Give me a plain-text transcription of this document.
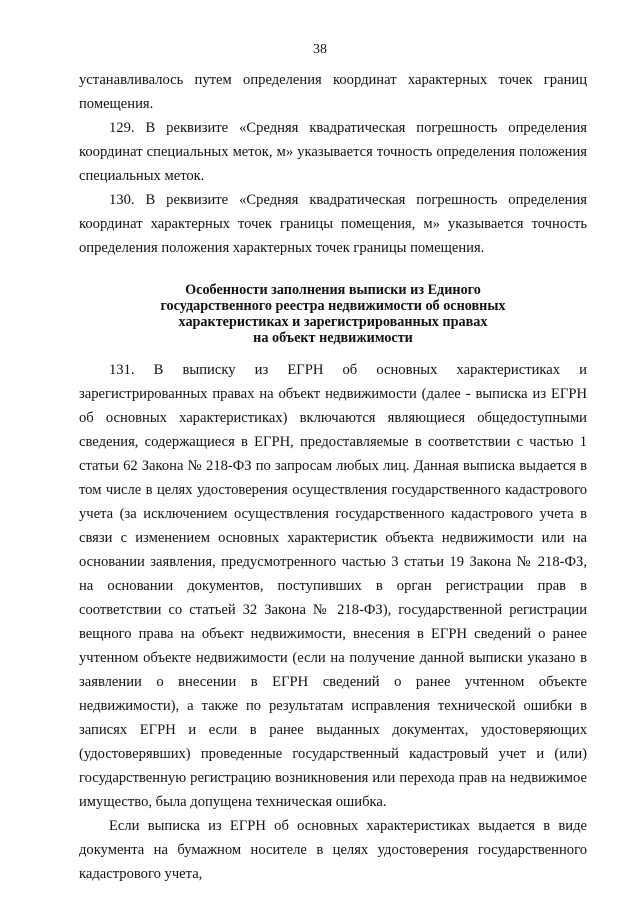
38

устанавливалось путем определения координат характерных точек границ помещения.

129. В реквизите «Средняя квадратическая погрешность определения координат специальных меток, м» указывается точность определения положения специальных меток.

130. В реквизите «Средняя квадратическая погрешность определения координат характерных точек границы помещения, м» указывается точность определения положения характерных точек границы помещения.

Особенности заполнения выписки из Единого
государственного реестра недвижимости об основных
характеристиках и зарегистрированных правах
на объект недвижимости

131. В выписку из ЕГРН об основных характеристиках и зарегистрированных правах на объект недвижимости (далее - выписка из ЕГРН об основных характеристиках) включаются являющиеся общедоступными сведения, содержащиеся в ЕГРН, предоставляемые в соответствии с частью 1 статьи 62 Закона № 218-ФЗ по запросам любых лиц. Данная выписка выдается в том числе в целях удостоверения осуществления государственного кадастрового учета (за исключением осуществления государственного кадастрового учета в связи с изменением основных характеристик объекта недвижимости или на основании заявления, предусмотренного частью 3 статьи 19 Закона № 218-ФЗ, на основании документов, поступивших в орган регистрации прав в соответствии со статьей 32 Закона № 218-ФЗ), государственной регистрации вещного права на объект недвижимости, внесения в ЕГРН сведений о ранее учтенном объекте недвижимости (если на получение данной выписки указано в заявлении о внесении в ЕГРН сведений о ранее учтенном объекте недвижимости), а также по результатам исправления технической ошибки в записях ЕГРН и если в ранее выданных документах, удостоверяющих (удостоверявших) проведенные государственный кадастровый учет и (или) государственную регистрацию возникновения или перехода прав на недвижимое имущество, была допущена техническая ошибка.

Если выписка из ЕГРН об основных характеристиках выдается в виде документа на бумажном носителе в целях удостоверения государственного кадастрового учета,
